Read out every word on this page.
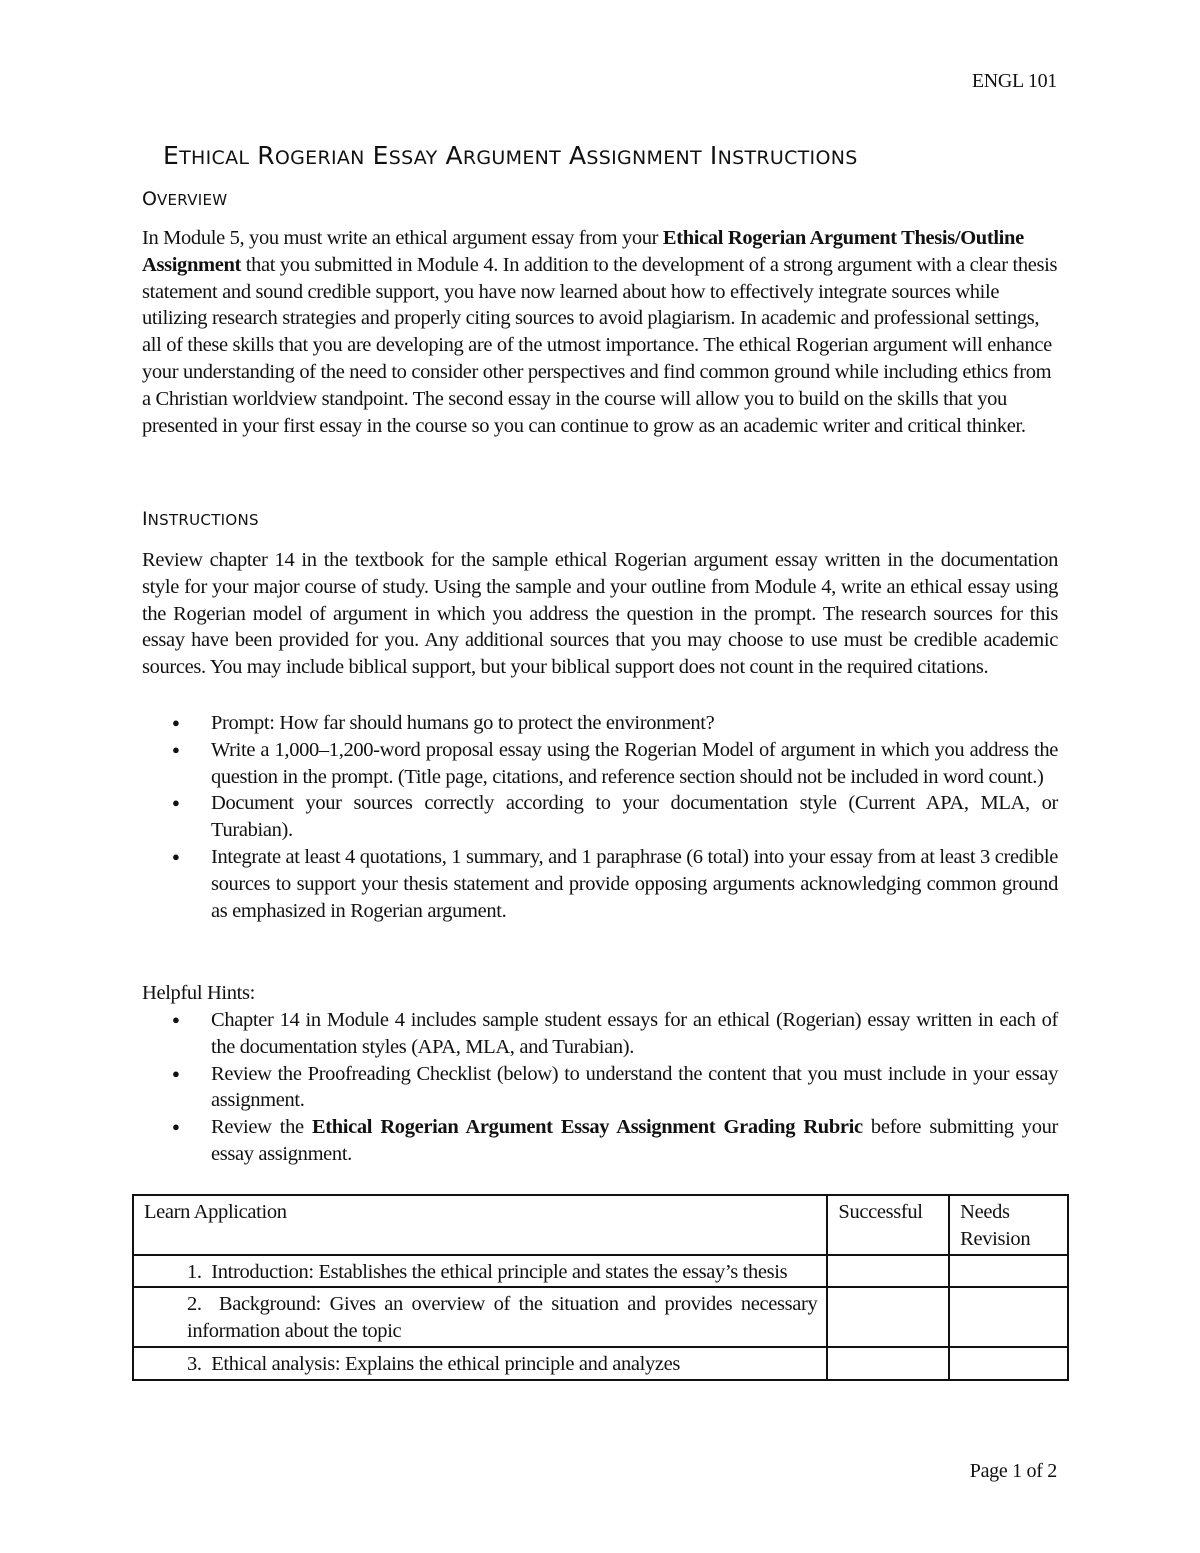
ENGL 101
ETHICAL ROGERIAN ESSAY ARGUMENT ASSIGNMENT INSTRUCTIONS
OVERVIEW
In Module 5, you must write an ethical argument essay from your Ethical Rogerian Argument Thesis/Outline Assignment that you submitted in Module 4. In addition to the development of a strong argument with a clear thesis statement and sound credible support, you have now learned about how to effectively integrate sources while utilizing research strategies and properly citing sources to avoid plagiarism. In academic and professional settings, all of these skills that you are developing are of the utmost importance. The ethical Rogerian argument will enhance your understanding of the need to consider other perspectives and find common ground while including ethics from a Christian worldview standpoint. The second essay in the course will allow you to build on the skills that you presented in your first essay in the course so you can continue to grow as an academic writer and critical thinker.
INSTRUCTIONS
Review chapter 14 in the textbook for the sample ethical Rogerian argument essay written in the documentation style for your major course of study. Using the sample and your outline from Module 4, write an ethical essay using the Rogerian model of argument in which you address the question in the prompt. The research sources for this essay have been provided for you. Any additional sources that you may choose to use must be credible academic sources. You may include biblical support, but your biblical support does not count in the required citations.
● Prompt: How far should humans go to protect the environment?
● Write a 1,000–1,200-word proposal essay using the Rogerian Model of argument in which you address the question in the prompt. (Title page, citations, and reference section should not be included in word count.)
● Document your sources correctly according to your documentation style (Current APA, MLA, or Turabian).
● Integrate at least 4 quotations, 1 summary, and 1 paraphrase (6 total) into your essay from at least 3 credible sources to support your thesis statement and provide opposing arguments acknowledging common ground as emphasized in Rogerian argument.
Helpful Hints:
● Chapter 14 in Module 4 includes sample student essays for an ethical (Rogerian) essay written in each of the documentation styles (APA, MLA, and Turabian).
● Review the Proofreading Checklist (below) to understand the content that you must include in your essay assignment.
● Review the Ethical Rogerian Argument Essay Assignment Grading Rubric before submitting your essay assignment.
Learn Application	Successful	Needs Revision
1. Introduction: Establishes the ethical principle and states the essay’s thesis		
2. Background: Gives an overview of the situation and provides necessary information about the topic		
3. Ethical analysis: Explains the ethical principle and analyzes		
Page 1 of 2
